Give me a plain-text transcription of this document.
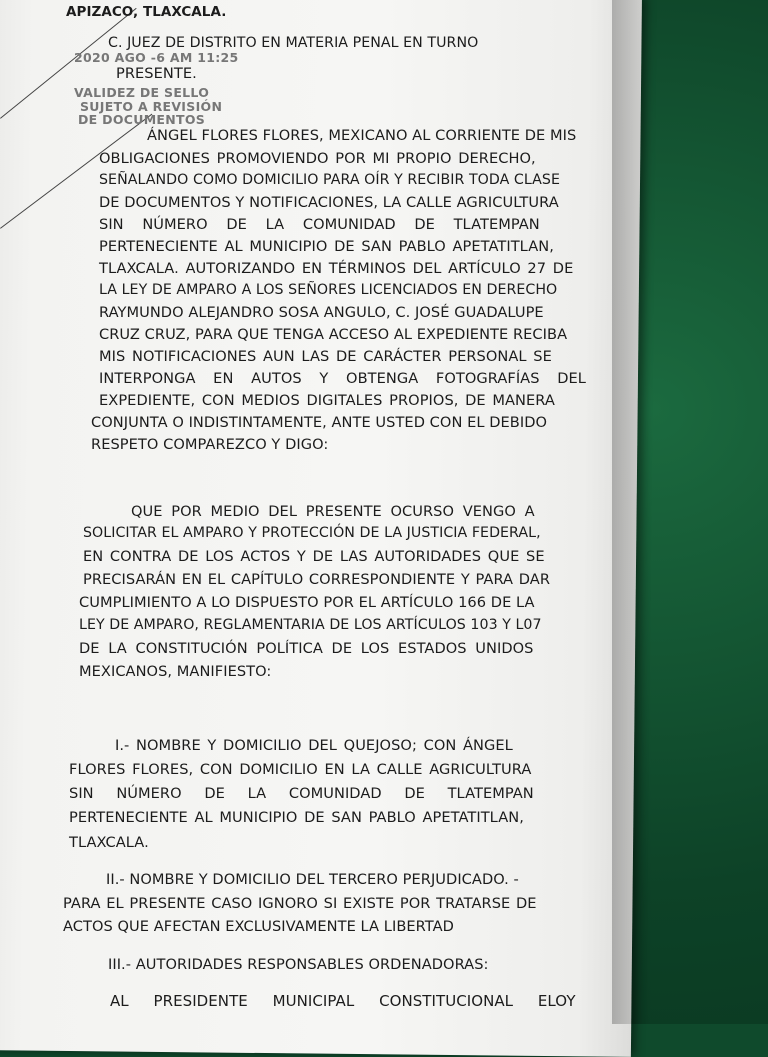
APIZACO, TLAXCALA.
C. JUEZ DE DISTRITO EN MATERIA PENAL EN TURNO
2020 AGO -6 AM 11:25
PRESENTE.
VALIDEZ DE SELLO
SUJETO A REVISIÓN
DE DOCUMENTOS
ÁNGEL FLORES FLORES, MEXICANO AL CORRIENTE DE MIS
OBLIGACIONES PROMOVIENDO POR MI PROPIO DERECHO,
SEÑALANDO COMO DOMICILIO PARA OÍR Y RECIBIR TODA CLASE
DE DOCUMENTOS Y NOTIFICACIONES, LA CALLE AGRICULTURA
SIN NÚMERO DE LA COMUNIDAD DE TLATEMPAN
PERTENECIENTE AL MUNICIPIO DE SAN PABLO APETATITLAN,
TLAXCALA. AUTORIZANDO EN TÉRMINOS DEL ARTÍCULO 27 DE
LA LEY DE AMPARO A LOS SEÑORES LICENCIADOS EN DERECHO
RAYMUNDO ALEJANDRO SOSA ANGULO, C. JOSÉ GUADALUPE
CRUZ CRUZ, PARA QUE TENGA ACCESO AL EXPEDIENTE RECIBA
MIS NOTIFICACIONES AUN LAS DE CARÁCTER PERSONAL SE
INTERPONGA EN AUTOS Y OBTENGA FOTOGRAFÍAS DEL
EXPEDIENTE, CON MEDIOS DIGITALES PROPIOS, DE MANERA
CONJUNTA O INDISTINTAMENTE, ANTE USTED CON EL DEBIDO
RESPETO COMPAREZCO Y DIGO:
QUE POR MEDIO DEL PRESENTE OCURSO VENGO A
SOLICITAR EL AMPARO Y PROTECCIÓN DE LA JUSTICIA FEDERAL,
EN CONTRA DE LOS ACTOS Y DE LAS AUTORIDADES QUE SE
PRECISARÁN EN EL CAPÍTULO CORRESPONDIENTE Y PARA DAR
CUMPLIMIENTO A LO DISPUESTO POR EL ARTÍCULO 166 DE LA
LEY DE AMPARO, REGLAMENTARIA DE LOS ARTÍCULOS 103 Y L07
DE LA CONSTITUCIÓN POLÍTICA DE LOS ESTADOS UNIDOS
MEXICANOS, MANIFIESTO:
I.- NOMBRE Y DOMICILIO DEL QUEJOSO; CON ÁNGEL
FLORES FLORES, CON DOMICILIO EN LA CALLE AGRICULTURA
SIN NÚMERO DE LA COMUNIDAD DE TLATEMPAN
PERTENECIENTE AL MUNICIPIO DE SAN PABLO APETATITLAN,
TLAXCALA.
II.- NOMBRE Y DOMICILIO DEL TERCERO PERJUDICADO. -
PARA EL PRESENTE CASO IGNORO SI EXISTE POR TRATARSE DE
ACTOS QUE AFECTAN EXCLUSIVAMENTE LA LIBERTAD
III.- AUTORIDADES RESPONSABLES ORDENADORAS:
AL PRESIDENTE MUNICIPAL CONSTITUCIONAL ELOY
